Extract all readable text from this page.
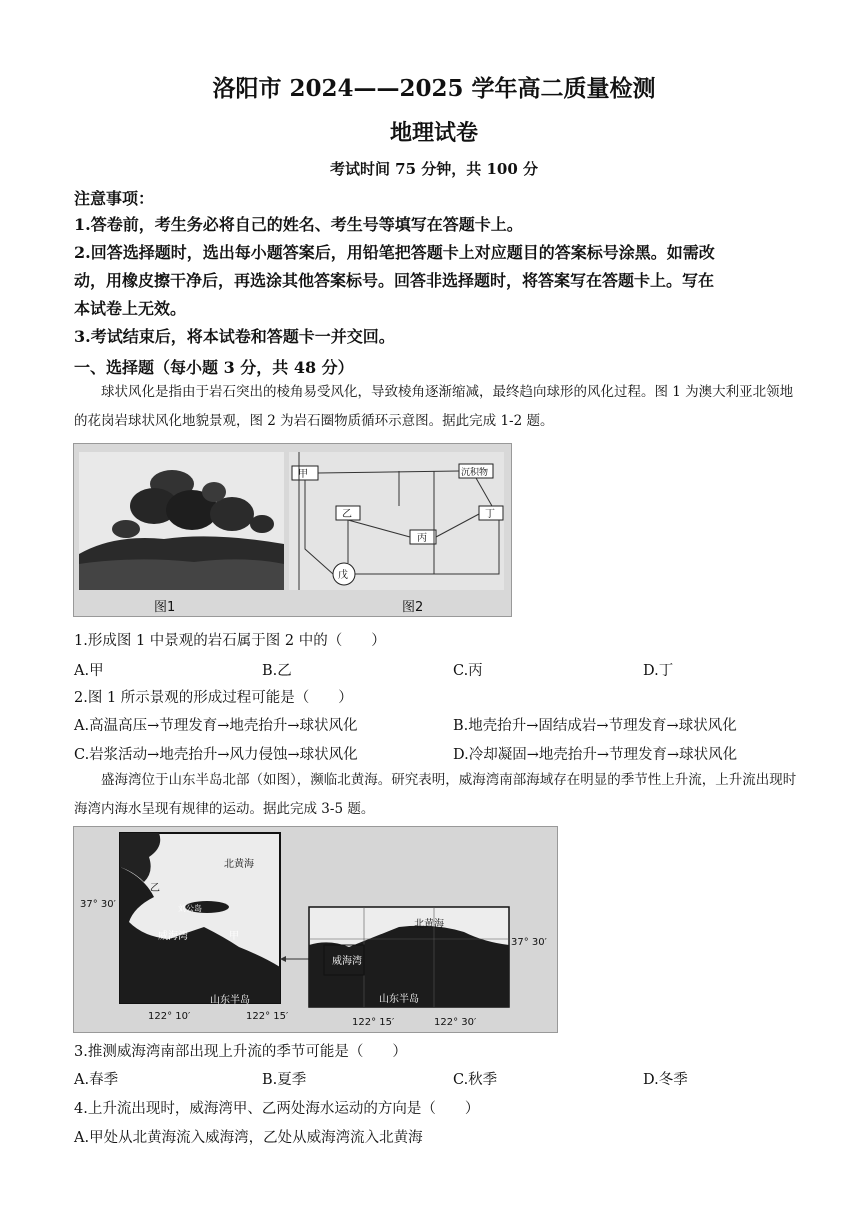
洛阳市 2024——2025 学年高二质量检测
地理试卷
考试时间 75 分钟，共 100 分
注意事项：
1.答卷前，考生务必将自己的姓名、考生号等填写在答题卡上。
2.回答选择题时，选出每小题答案后，用铅笔把答题卡上对应题目的答案标号涂黑。如需改
动，用橡皮擦干净后，再选涂其他答案标号。回答非选择题时，将答案写在答题卡上。写在
本试卷上无效。
3.考试结束后，将本试卷和答题卡一并交回。
一、选择题（每小题 3 分，共 48 分）
球状风化是指由于岩石突出的棱角易受风化，导致棱角逐渐缩减，最终趋向球形的风化过程。图 1 为澳大利亚北领地的花岗岩球状风化地貌景观，图 2 为岩石圈物质循环示意图。据此完成 1-2 题。
图1
甲	沉积物
乙
丙
丁
戊
图2
1.形成图 1 中景观的岩石属于图 2 中的（　　）
A.甲	B.乙	C.丙	D.丁
2.图 1 所示景观的形成过程可能是（　　）
A.高温高压→节理发育→地壳抬升→球状风化	B.地壳抬升→固结成岩→节理发育→球状风化
C.岩浆活动→地壳抬升→风力侵蚀→球状风化	D.冷却凝固→地壳抬升→节理发育→球状风化
盛海湾位于山东半岛北部（如图），濒临北黄海。研究表明，威海湾南部海域存在明显的季节性上升流，上升流出现时海湾内海水呈现有规律的运动。据此完成 3-5 题。
北黄海
乙
刘公岛
威海湾	甲
山东半岛
37° 30′
122° 10′	122° 15′
北黄海
威海湾
山东半岛
37° 30′
122° 15′	122° 30′
3.推测威海湾南部出现上升流的季节可能是（　　）
A.春季	B.夏季	C.秋季	D.冬季
4.上升流出现时，威海湾甲、乙两处海水运动的方向是（　　）
A.甲处从北黄海流入威海湾，乙处从威海湾流入北黄海
